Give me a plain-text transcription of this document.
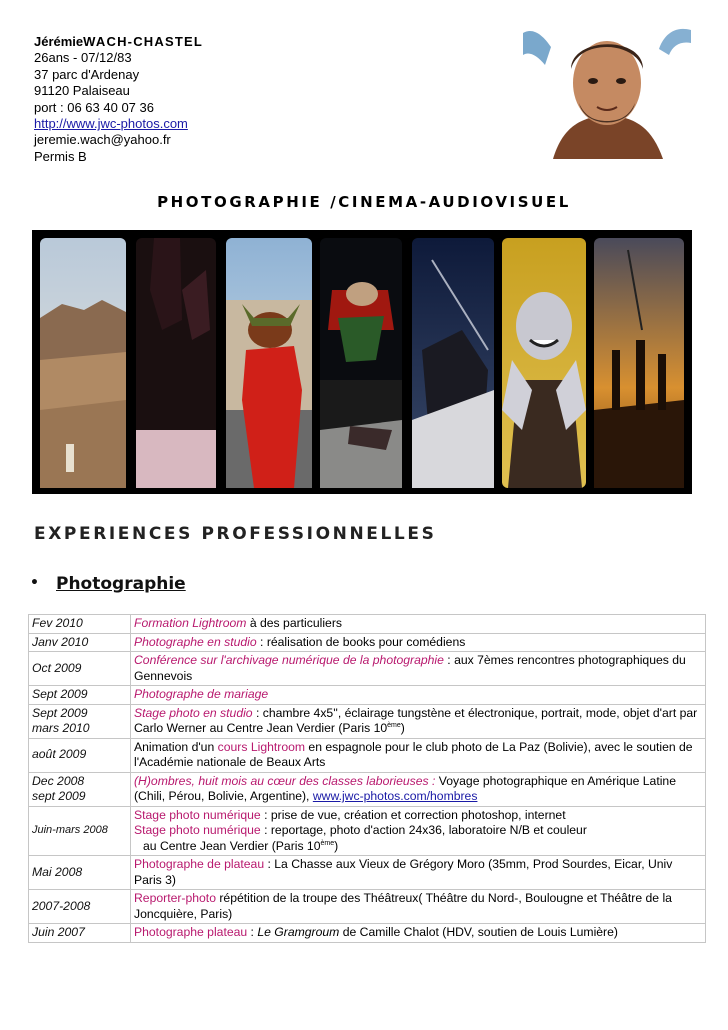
JérémieWACH-CHASTEL
26ans - 07/12/83
37 parc d'Ardenay
91120 Palaiseau
port : 06 63 40 07 36
http://www.jwc-photos.com
jeremie.wach@yahoo.fr
Permis B
PHOTOGRAPHIE /CINEMA-AUDIOVISUEL
EXPERIENCES PROFESSIONNELLES
• Photographie
Fev 2010	Formation Lightroom à des particuliers
Janv 2010	Photographe en studio : réalisation de books pour comédiens
Oct 2009	Conférence sur l'archivage numérique de la photographie : aux 7èmes rencontres photographiques du Gennevois
Sept 2009	Photographe de mariage
Sept 2009
mars 2010	Stage photo en studio : chambre 4x5'', éclairage tungstène et électronique, portrait, mode, objet d'art par Carlo Werner au Centre Jean Verdier (Paris 10ème)
août 2009	Animation d'un cours Lightroom en espagnole pour le club photo de La Paz (Bolivie), avec le soutien de l'Académie nationale de Beaux Arts
Dec 2008
sept 2009	(H)ombres, huit mois au cœur des classes laborieuses : Voyage photographique en Amérique Latine (Chili, Pérou, Bolivie, Argentine), www.jwc-photos.com/hombres
Juin-mars 2008	Stage photo numérique : prise de vue, création et correction photoshop, internet
Stage photo numérique : reportage, photo d'action 24x36, laboratoire N/B et couleur
au Centre Jean Verdier (Paris 10ème)
Mai 2008	Photographe de plateau : La Chasse aux Vieux de Grégory Moro (35mm, Prod Sourdes, Eicar, Univ Paris 3)
2007-2008	Reporter-photo répétition de la troupe des Théâtreux( Théâtre du Nord-, Boulougne et Théâtre de la Joncquière, Paris)
Juin 2007	Photographe plateau : Le Gramgroum de Camille Chalot (HDV, soutien de Louis Lumière)
